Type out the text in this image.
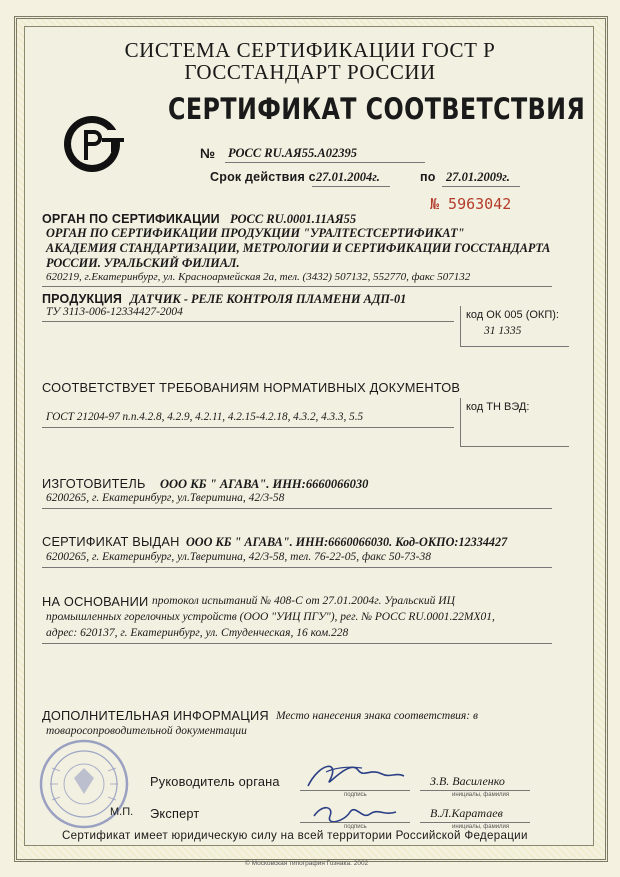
СИСТЕМА СЕРТИФИКАЦИИ ГОСТ Р
ГОССТАНДАРТ РОССИИ
СЕРТИФИКАТ СООТВЕТСТВИЯ
№ РОСС RU.АЯ55.А02395
Срок действия с 27.01.2004г.	по 27.01.2009г.
№ 5963042
ОРГАН ПО СЕРТИФИКАЦИИ РОСС RU.0001.11АЯ55
ОРГАН ПО СЕРТИФИКАЦИИ ПРОДУКЦИИ "УРАЛТЕСТСЕРТИФИКАТ"
АКАДЕМИЯ СТАНДАРТИЗАЦИИ, МЕТРОЛОГИИ И СЕРТИФИКАЦИИ ГОССТАНДАРТА
РОССИИ. УРАЛЬСКИЙ ФИЛИАЛ.
620219, г.Екатеринбург, ул. Красноармейская 2а, тел. (3432) 507132, 552770, факс 507132
ПРОДУКЦИЯ ДАТЧИК - РЕЛЕ КОНТРОЛЯ ПЛАМЕНИ АДП-01
ТУ 3113-006-12334427-2004	код ОК 005 (ОКП):
31 1335
СООТВЕТСТВУЕТ ТРЕБОВАНИЯМ НОРМАТИВНЫХ ДОКУМЕНТОВ
ГОСТ 21204-97 п.п.4.2.8, 4.2.9, 4.2.11, 4.2.15-4.2.18, 4.3.2, 4.3.3, 5.5
код ТН ВЭД:
ИЗГОТОВИТЕЛЬ ООО КБ " АГАВА". ИНН:6660066030
6200265, г. Екатеринбург, ул.Тверитина, 42/3-58
СЕРТИФИКАТ ВЫДАН ООО КБ " АГАВА". ИНН:6660066030. Код-ОКПО:12334427
6200265, г. Екатеринбург, ул.Тверитина, 42/3-58, тел. 76-22-05, факс 50-73-38
НА ОСНОВАНИИ протокол испытаний № 408-С от 27.01.2004г. Уральский ИЦ
промышленных горелочных устройств (ООО "УИЦ ПГУ"), рег. № РОСС RU.0001.22МХ01,
адрес: 620137, г. Екатеринбург, ул. Студенческая, 16 ком.228
ДОПОЛНИТЕЛЬНАЯ ИНФОРМАЦИЯ Место нанесения знака соответствия: в
товаросопроводительной документации
Руководитель органа
подпись
З.В. Василенко
инициалы, фамилия
М.П. Эксперт
подпись
В.Л.Каратаев
инициалы, фамилия
Сертификат имеет юридическую силу на всей территории Российской Федерации
© Московская типография Гознака. 2002
